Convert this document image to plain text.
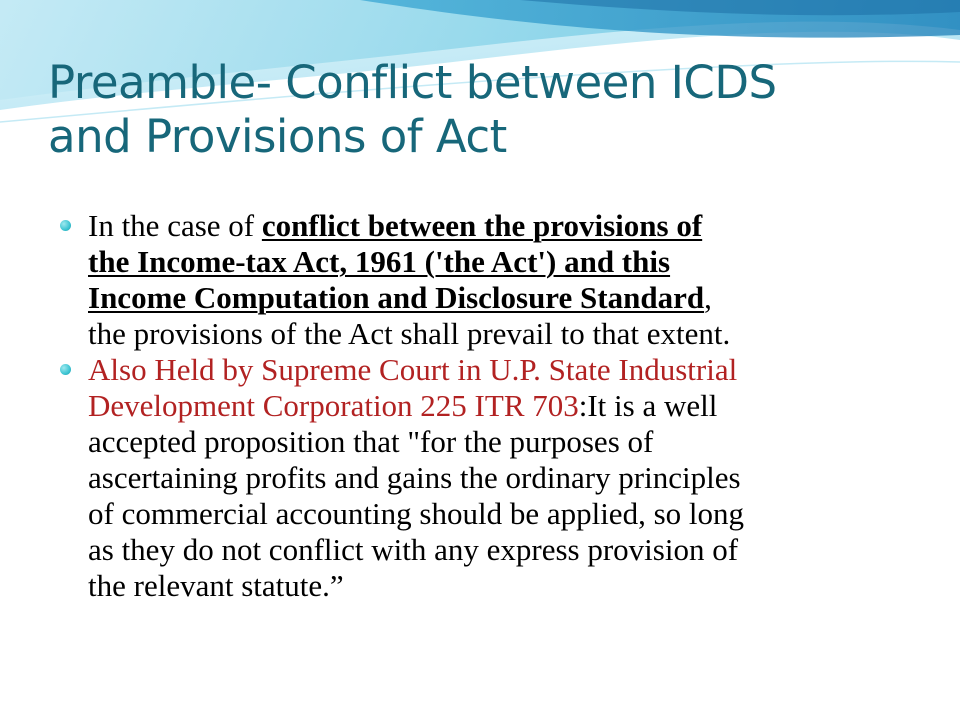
Preamble- Conflict between ICDS
and Provisions of Act
In the case of conflict between the provisions of
the Income-tax Act, 1961 ('the Act') and this
Income Computation and Disclosure Standard,
the provisions of the Act shall prevail to that extent.
Also Held by Supreme Court in U.P. State Industrial
Development Corporation 225 ITR 703:It is a well
accepted proposition that "for the purposes of
ascertaining profits and gains the ordinary principles
of commercial accounting should be applied, so long
as they do not conflict with any express provision of
the relevant statute.”
